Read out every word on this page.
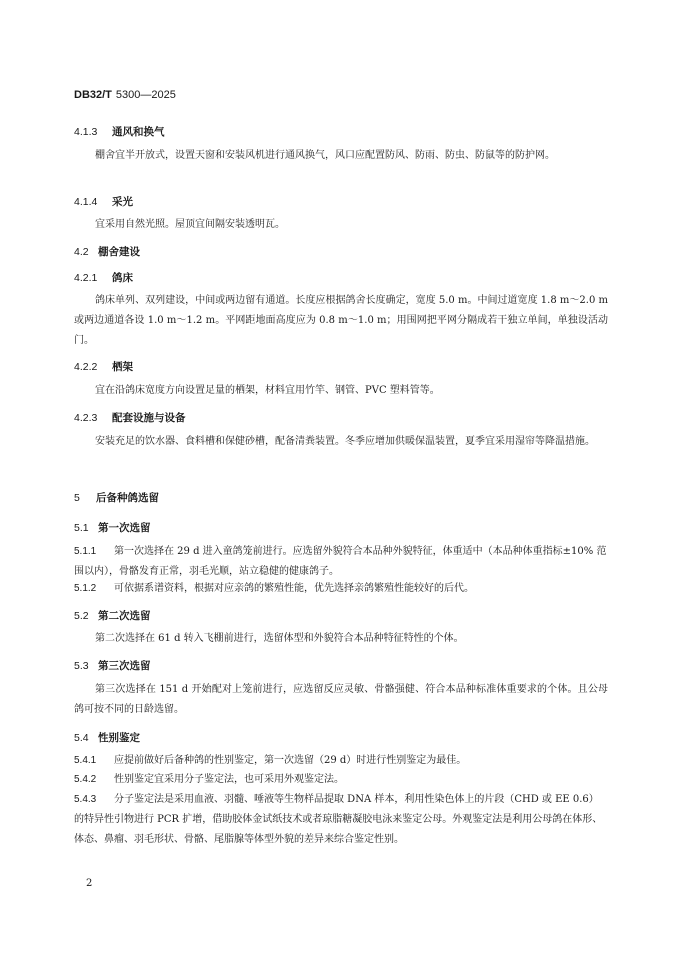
DB32/T 5300—2025
4.1.3 通风和换气
棚舍宜半开放式，设置天窗和安装风机进行通风换气，风口应配置防风、防雨、防虫、防鼠等的防护网。
4.1.4 采光
宜采用自然光照。屋顶宜间隔安装透明瓦。
4.2 棚舍建设
4.2.1 鸽床
鸽床单列、双列建设，中间或两边留有通道。长度应根据鸽舍长度确定，宽度 5.0 m。中间过道宽度 1.8 m～2.0 m 或两边通道各设 1.0 m～1.2 m。平网距地面高度应为 0.8 m～1.0 m；用围网把平网分隔成若干独立单间，单独设活动门。
4.2.2 栖架
宜在沿鸽床宽度方向设置足量的栖架，材料宜用竹竿、钢管、PVC 塑料管等。
4.2.3 配套设施与设备
安装充足的饮水器、食料槽和保健砂槽，配备清粪装置。冬季应增加供暖保温装置，夏季宜采用湿帘等降温措施。
5 后备种鸽选留
5.1 第一次选留
5.1.1 第一次选择在 29 d 进入童鸽笼前进行。应选留外貌符合本品种外貌特征，体重适中（本品种体重指标±10% 范围以内），骨骼发育正常，羽毛光顺，站立稳健的健康鸽子。
5.1.2 可依据系谱资料，根据对应亲鸽的繁殖性能，优先选择亲鸽繁殖性能较好的后代。
5.2 第二次选留
第二次选择在 61 d 转入飞棚前进行，选留体型和外貌符合本品种特征特性的个体。
5.3 第三次选留
第三次选择在 151 d 开始配对上笼前进行，应选留反应灵敏、骨骼强健、符合本品种标准体重要求的个体。且公母鸽可按不同的日龄选留。
5.4 性别鉴定
5.4.1 应提前做好后备种鸽的性别鉴定，第一次选留（29 d）时进行性别鉴定为最佳。
5.4.2 性别鉴定宜采用分子鉴定法，也可采用外观鉴定法。
5.4.3 分子鉴定法是采用血液、羽髓、唾液等生物样品提取 DNA 样本，利用性染色体上的片段（CHD 或 EE 0.6）的特异性引物进行 PCR 扩增，借助胶体金试纸技术或者琼脂糖凝胶电泳来鉴定公母。外观鉴定法是利用公母鸽在体形、体态、鼻瘤、羽毛形状、骨骼、尾脂腺等体型外貌的差异来综合鉴定性别。
2
